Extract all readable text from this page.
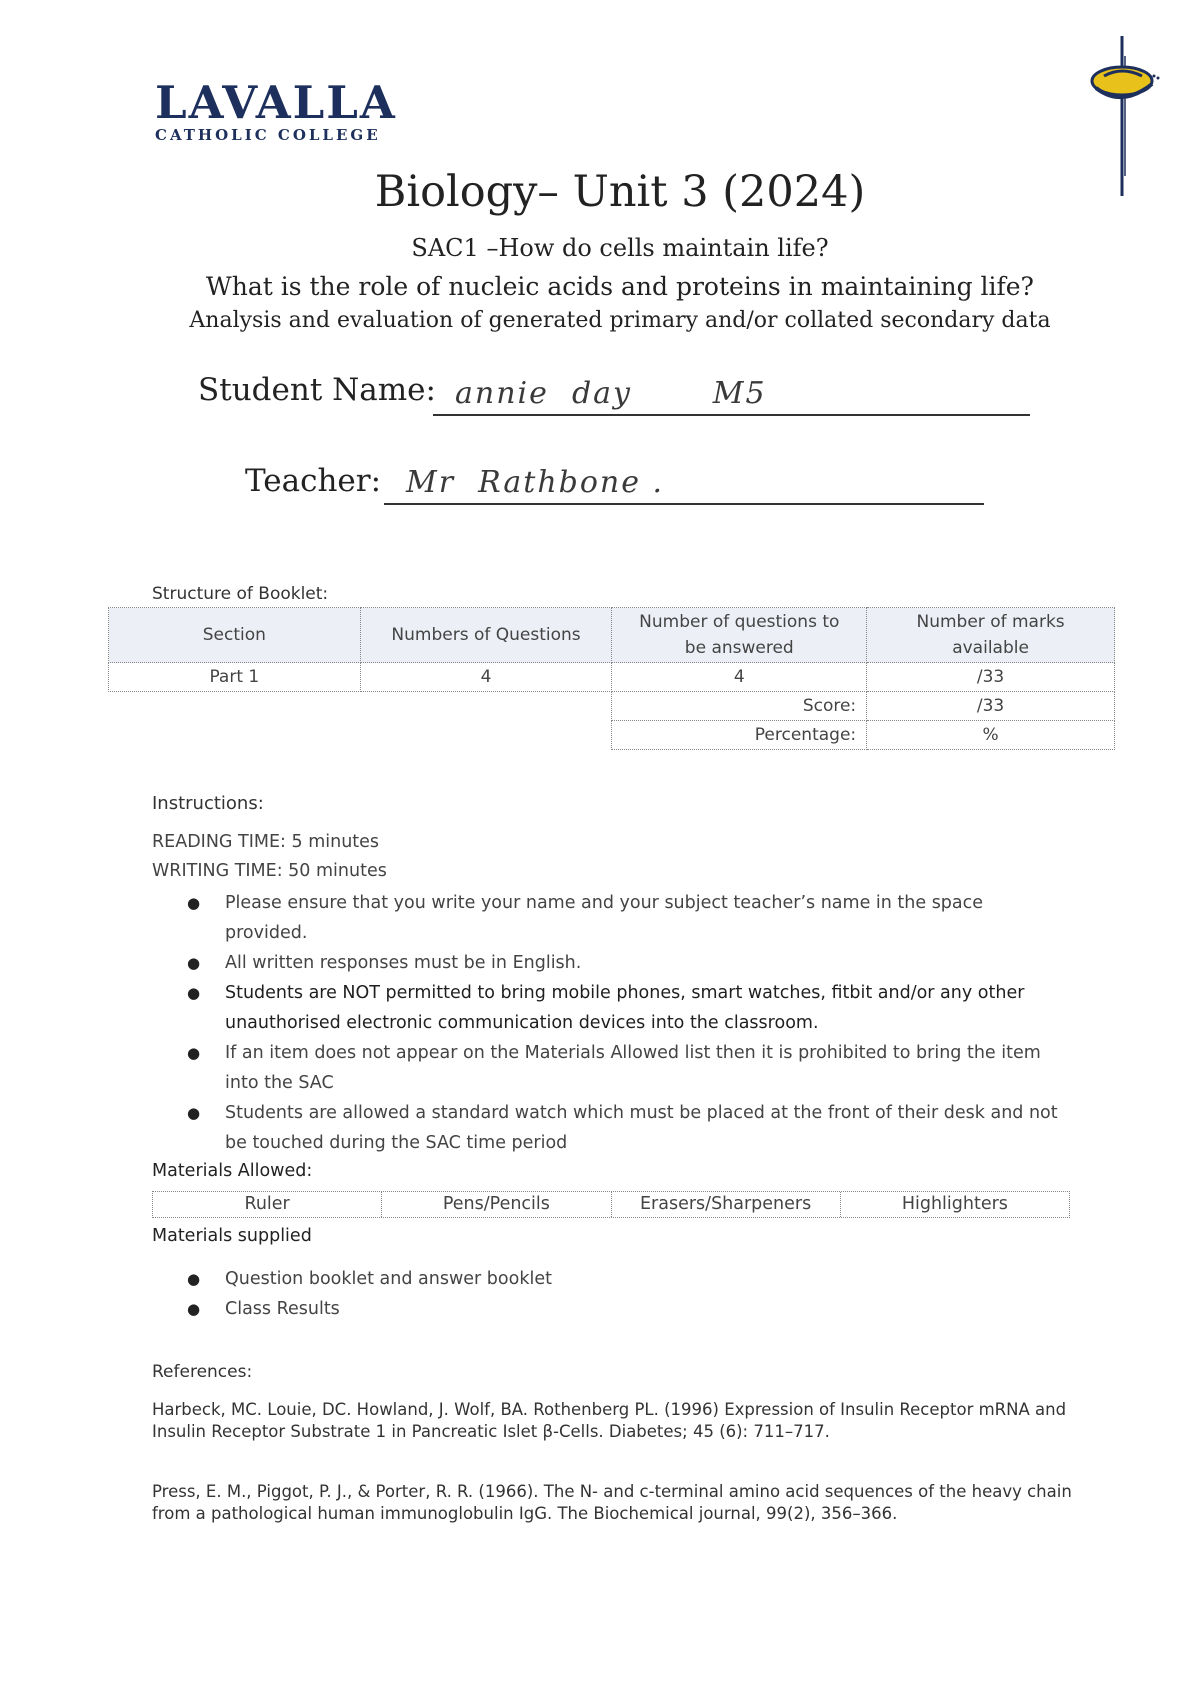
LAVALLA
CATHOLIC COLLEGE
Biology– Unit 3 (2024)
SAC1 –How do cells maintain life?
What is the role of nucleic acids and proteins in maintaining life?
Analysis and evaluation of generated primary and/or collated secondary data
Student Name: annie  day       M5
Teacher: Mr  Rathbone .
Structure of Booklet:
Section	Numbers of Questions	Number of questions to be answered	Number of marks available
Part 1	4	4	/33
		Score:	/33
		Percentage:	%
Instructions:
READING TIME: 5 minutes
WRITING TIME: 50 minutes
● Please ensure that you write your name and your subject teacher’s name in the space provided.
● All written responses must be in English.
● Students are NOT permitted to bring mobile phones, smart watches, fitbit and/or any other unauthorised electronic communication devices into the classroom.
● If an item does not appear on the Materials Allowed list then it is prohibited to bring the item into the SAC
● Students are allowed a standard watch which must be placed at the front of their desk and not be touched during the SAC time period
Materials Allowed:
Ruler	Pens/Pencils	Erasers/Sharpeners	Highlighters
Materials supplied
● Question booklet and answer booklet
● Class Results
References:
Harbeck, MC. Louie, DC. Howland, J. Wolf, BA. Rothenberg PL. (1996) Expression of Insulin Receptor mRNA and Insulin Receptor Substrate 1 in Pancreatic Islet β-Cells. Diabetes; 45 (6): 711–717.
Press, E. M., Piggot, P. J., & Porter, R. R. (1966). The N- and c-terminal amino acid sequences of the heavy chain from a pathological human immunoglobulin IgG. The Biochemical journal, 99(2), 356–366.
